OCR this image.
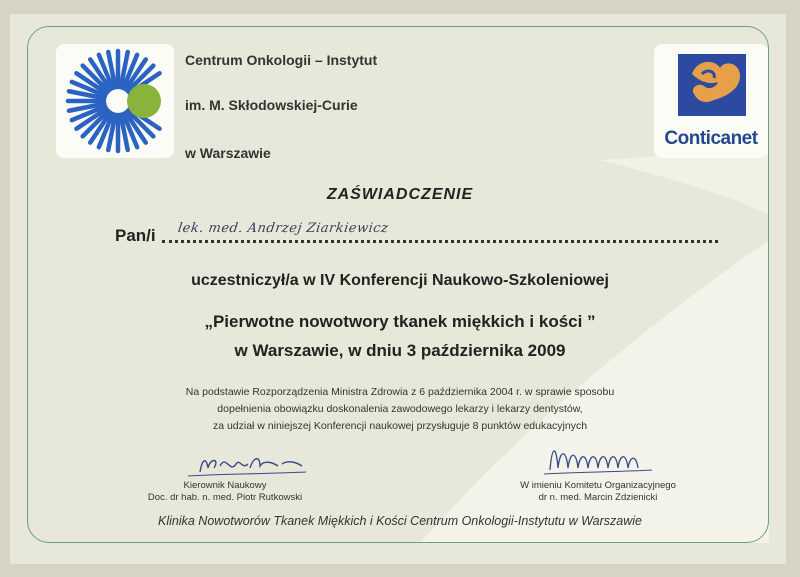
Centrum Onkologii – Instytut
im. M. Skłodowskiej-Curie
w Warszawie
Conticanet
ZAŚWIADCZENIE
Pan/i lek. med. Andrzej Ziarkiewicz
uczestniczył/a w IV Konferencji Naukowo-Szkoleniowej
„Pierwotne nowotwory tkanek miękkich i kości ”
w Warszawie, w dniu 3 października 2009
Na podstawie Rozporządzenia Ministra Zdrowia z 6 października 2004 r. w sprawie sposobu
dopełnienia obowiązku doskonalenia zawodowego lekarzy i lekarzy dentystów,
za udział w niniejszej Konferencji naukowej przysługuje 8 punktów edukacyjnych
Kierownik Naukowy
Doc. dr hab. n. med. Piotr Rutkowski
W imieniu Komitetu Organizacyjnego
dr n. med. Marcin Zdzienicki
Klinika Nowotworów Tkanek Miękkich i Kości Centrum Onkologii-Instytutu w Warszawie
